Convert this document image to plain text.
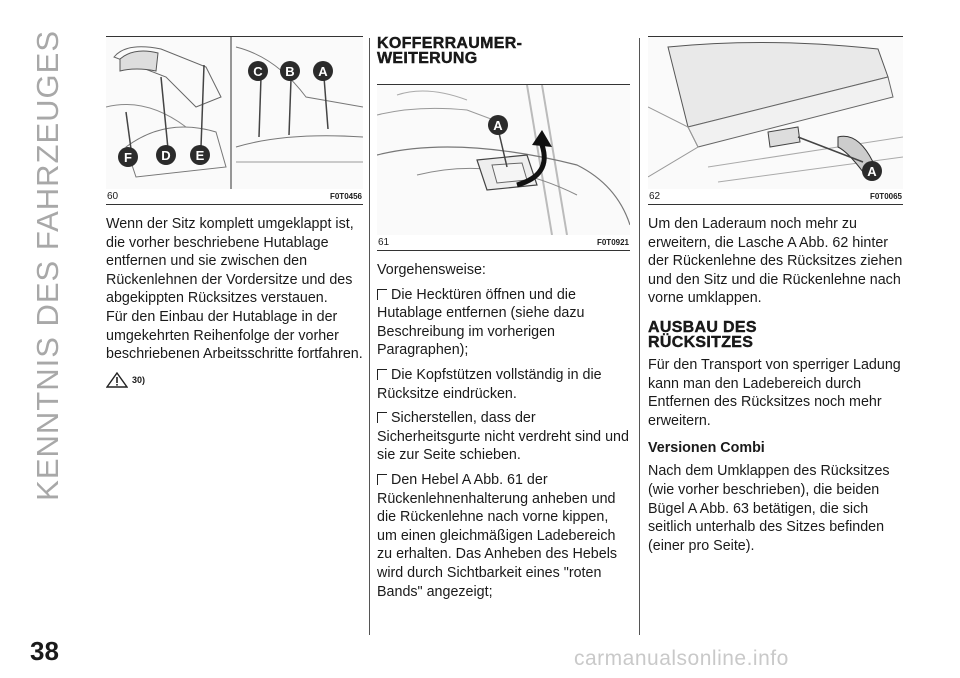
KENNTNIS DES FAHRZEUGES
38	carmanualsonline.info
C B A
F D E
60	F0T0456

Wenn der Sitz komplett umgeklappt ist, die vorher beschriebene Hutablage entfernen und sie zwischen den Rückenlehnen der Vordersitze und des abgekippten Rücksitzes verstauen.

Für den Einbau der Hutablage in der umgekehrten Reihenfolge der vorher beschriebenen Arbeitsschritte fortfahren.

30)
KOFFERRAUMER-
WEITERUNG
A
61	F0T0921

Vorgehensweise:

Die Hecktüren öffnen und die Hutablage entfernen (siehe dazu Beschreibung im vorherigen Paragraphen);

Die Kopfstützen vollständig in die Rücksitze eindrücken.

Sicherstellen, dass der Sicherheitsgurte nicht verdreht sind und sie zur Seite schieben.

Den Hebel A Abb. 61 der Rückenlehnenhalterung anheben und die Rückenlehne nach vorne kippen, um einen gleichmäßigen Ladebereich zu erhalten. Das Anheben des Hebels wird durch Sichtbarkeit eines "roten Bands" angezeigt;

A
62	F0T0065

Um den Laderaum noch mehr zu erweitern, die Lasche A Abb. 62 hinter der Rückenlehne des Rücksitzes ziehen und den Sitz und die Rückenlehne nach vorne umklappen.

AUSBAU DES
RÜCKSITZES

Für den Transport von sperriger Ladung kann man den Ladebereich durch Entfernen des Rücksitzes noch mehr erweitern.

Versionen Combi

Nach dem Umklappen des Rücksitzes (wie vorher beschrieben), die beiden Bügel A Abb. 63 betätigen, die sich seitlich unterhalb des Sitzes befinden (einer pro Seite).
